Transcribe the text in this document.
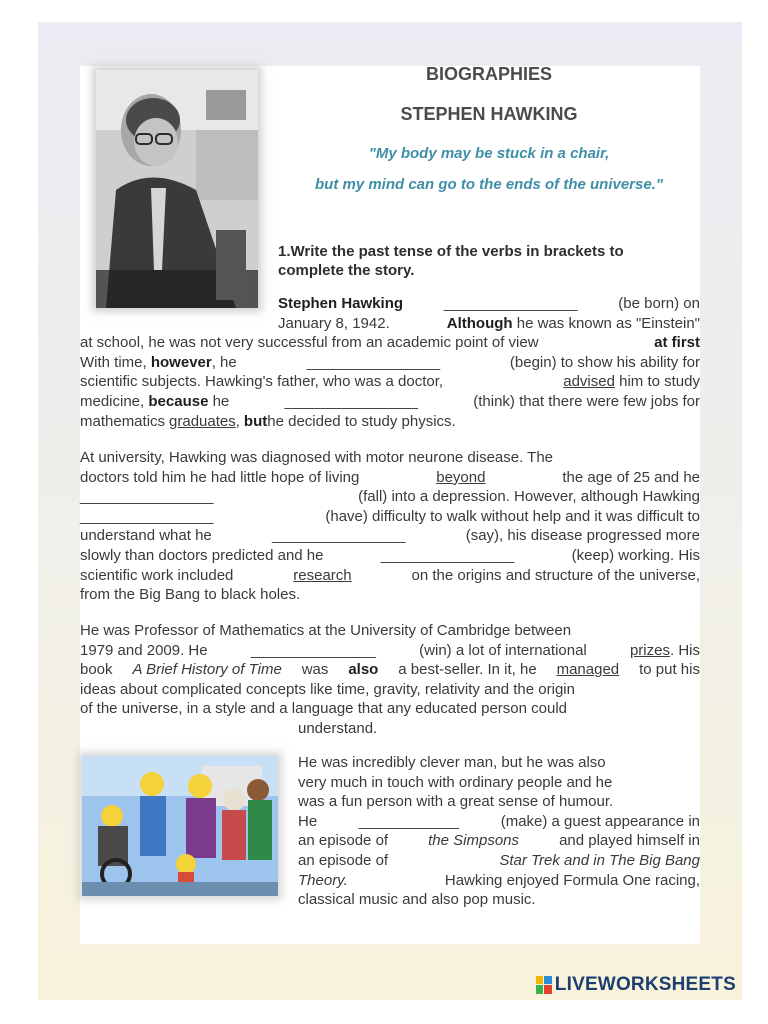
BIOGRAPHIES
STEPHEN HAWKING
"My body may be stuck in a chair,
but my mind can go to the ends of the universe."
1.Write the past tense of the verbs in brackets to
complete the story.
Stephen Hawking	________________	(be born) on
January 8, 1942.	Although he was known as "Einstein"
at school, he was not very successful from an academic point of view	at first
With time, however, he	________________	(begin) to show his ability for
scientific subjects. Hawking's father, who was a doctor,	advised him to study
medicine, because he	________________	(think) that there were few jobs for
mathematics graduates , but he decided to study physics.
At university, Hawking was diagnosed with motor neurone disease. The
doctors told him he had little hope of living	beyond	the age of 25 and he
________________	(fall) into a depression. However, although Hawking
________________	(have) difficulty to walk without help and it was difficult to
understand what he	________________	(say), his disease progressed more
slowly than doctors predicted and he	________________	(keep) working. His
scientific work included	research	on the origins and structure of the universe,
from the Big Bang to black holes.
He was Professor of Mathematics at the University of Cambridge between
1979 and 2009. He	_______________	(win) a lot of international	prizes. His
book A Brief History of Time was also a best-seller. In it, he managed to put his
ideas about complicated concepts like time, gravity, relativity and the origin
of the universe, in a style and a language that any educated person could
understand.
He was incredibly clever man, but he was also
very much in touch with ordinary people and he
was a fun person with a great sense of humour.
He	____________	(make) a guest appearance in
an episode of	the Simpsons	and played himself in
an episode of	Star Trek and in The Big Bang
Theory.	Hawking enjoyed Formula One racing,
classical music and also pop music.
LIVEWORKSHEETS
